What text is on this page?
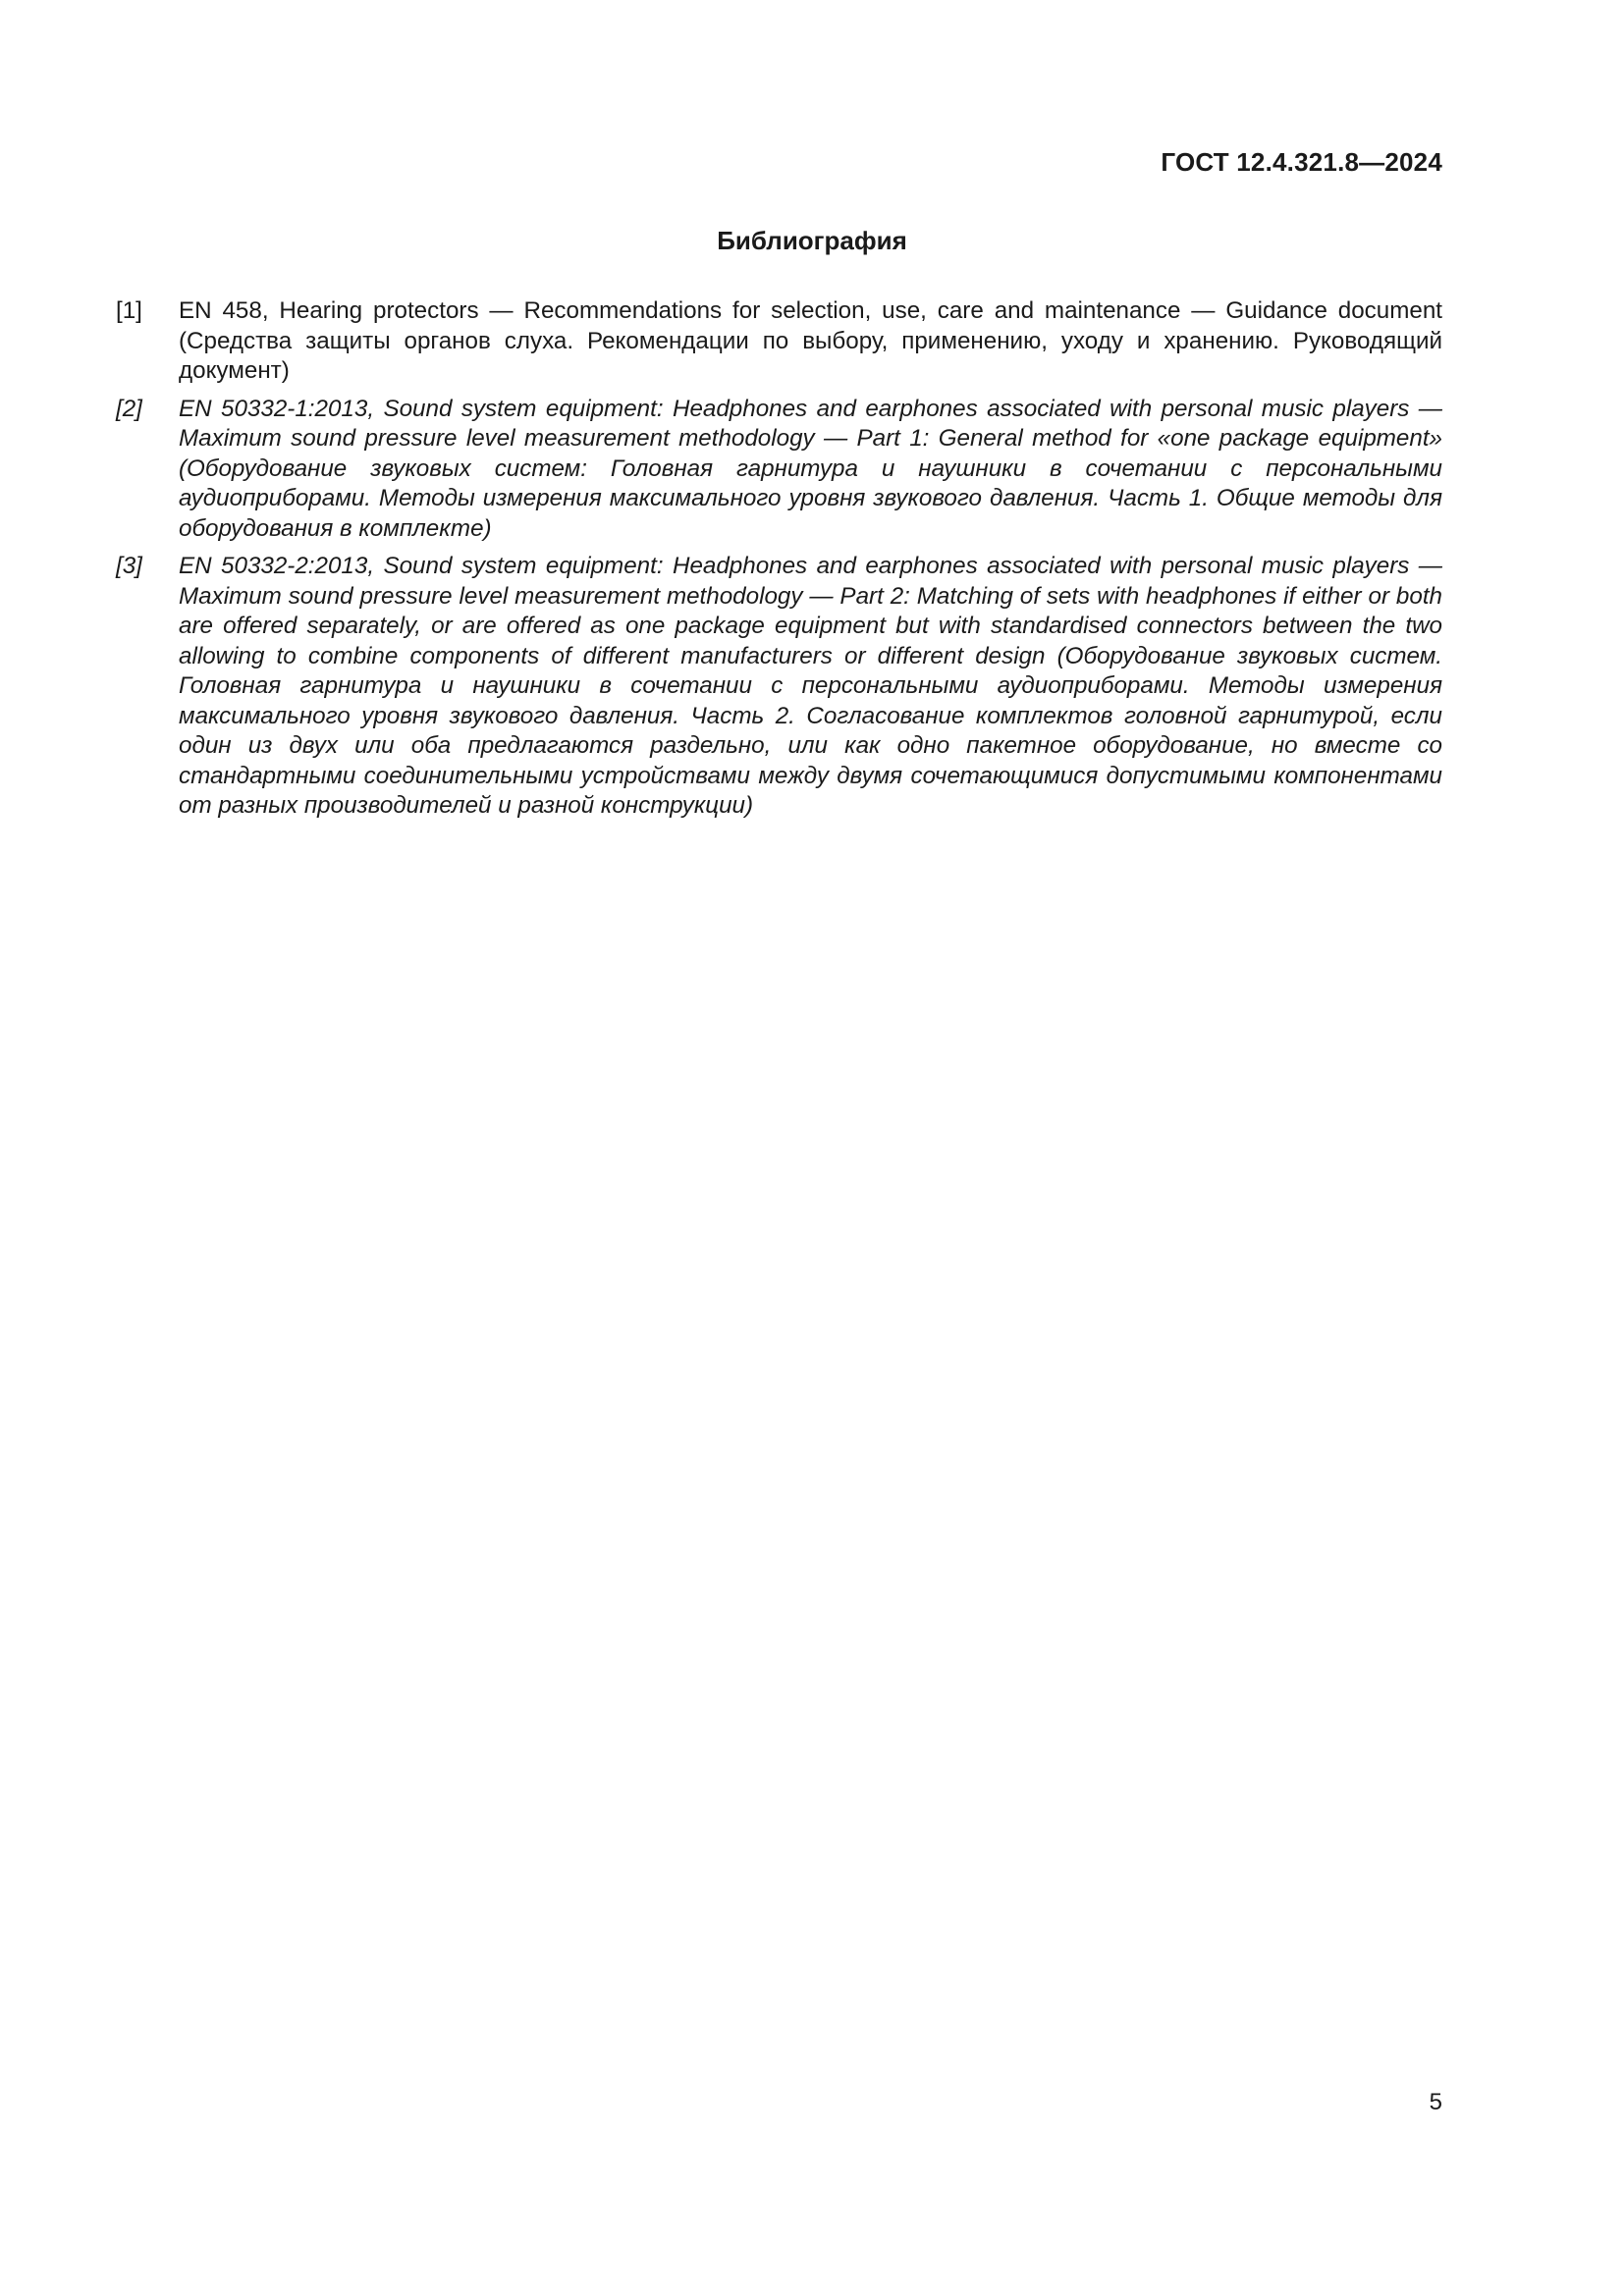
ГОСТ 12.4.321.8—2024
Библиография
[1]	EN 458, Hearing protectors — Recommendations for selection, use, care and maintenance — Guidance document (Средства защиты органов слуха. Рекомендации по выбору, применению, уходу и хранению. Руководящий документ)
[2]	EN 50332-1:2013, Sound system equipment: Headphones and earphones associated with personal music players — Maximum sound pressure level measurement methodology — Part 1: General method for «one package equipment» (Оборудование звуковых систем: Головная гарнитура и наушники в сочетании с персональными аудиоприборами. Методы измерения максимального уровня звукового давления. Часть 1. Общие методы для оборудования в комплекте)
[3]	EN 50332-2:2013, Sound system equipment: Headphones and earphones associated with personal music players — Maximum sound pressure level measurement methodology — Part 2: Matching of sets with headphones if either or both are offered separately, or are offered as one package equipment but with standardised connectors between the two allowing to combine components of different manufacturers or different design (Оборудование звуковых систем. Головная гарнитура и наушники в сочетании с персональными аудиоприборами. Методы измерения максимального уровня звукового давления. Часть 2. Согласование комплектов головной гарнитурой, если один из двух или оба предлагаются раздельно, или как одно пакетное оборудование, но вместе со стандартными соединительными устройствами между двумя сочетающимися допустимыми компонентами от разных производителей и разной конструкции)
5
